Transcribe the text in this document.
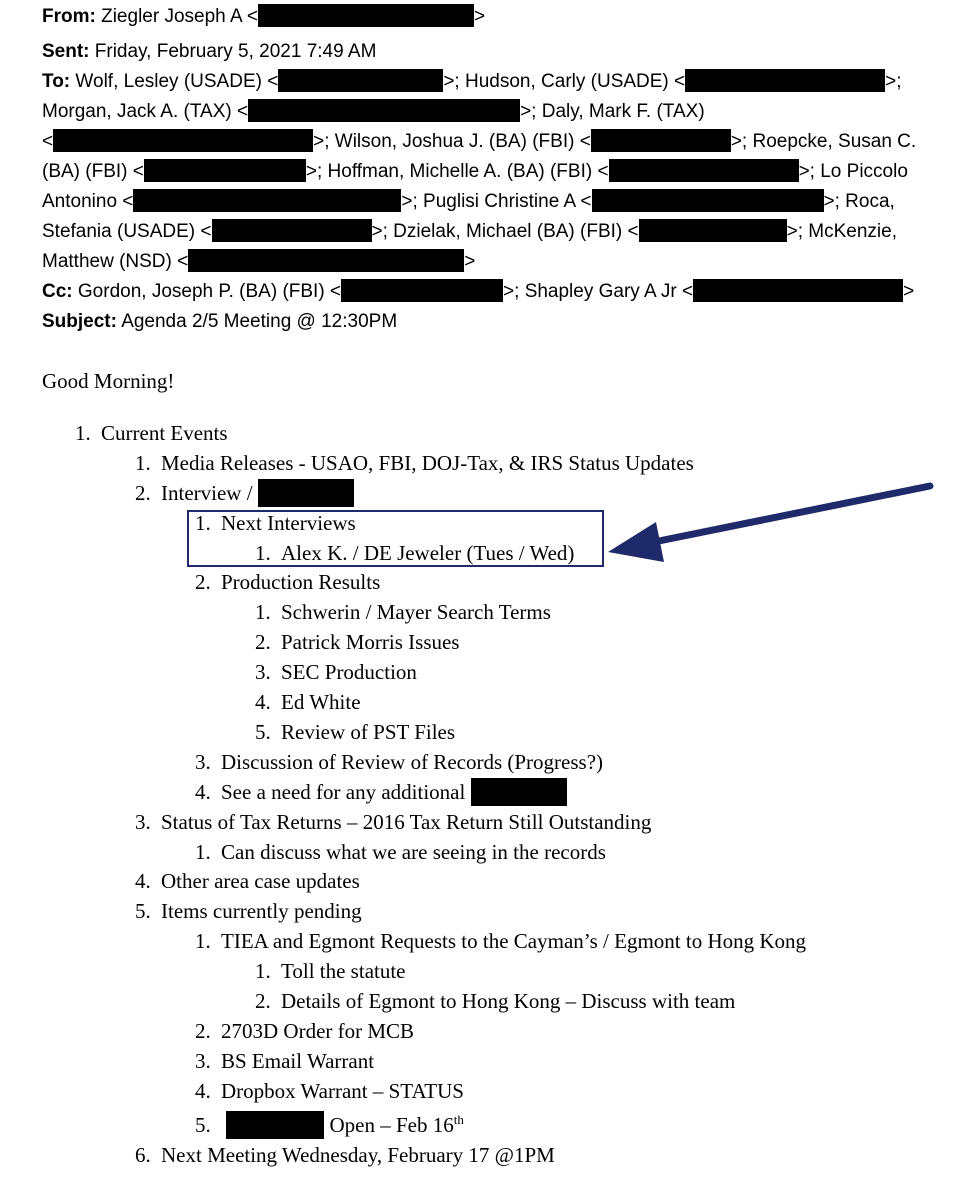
From: Ziegler Joseph A <	>
Sent: Friday, February 5, 2021 7:49 AM
To: Wolf, Lesley (USADE) <	>; Hudson, Carly (USADE) <	>;
Morgan, Jack A. (TAX) <	>; Daly, Mark F. (TAX)
<	>; Wilson, Joshua J. (BA) (FBI) <	>; Roepcke, Susan C.
(BA) (FBI) <	>; Hoffman, Michelle A. (BA) (FBI) <	>; Lo Piccolo
Antonino <	>; Puglisi Christine A <	>; Roca,
Stefania (USADE) <	>; Dzielak, Michael (BA) (FBI) <	>; McKenzie,
Matthew (NSD) <	>
Cc: Gordon, Joseph P. (BA) (FBI) <	>; Shapley Gary A Jr <	>
Subject: Agenda 2/5 Meeting @ 12:30PM
Good Morning!
1. Current Events
1. Media Releases - USAO, FBI, DOJ-Tax, & IRS Status Updates
2. Interview /
1. Next Interviews
1. Alex K. / DE Jeweler (Tues / Wed)
2. Production Results
1. Schwerin / Mayer Search Terms
2. Patrick Morris Issues
3. SEC Production
4. Ed White
5. Review of PST Files
3. Discussion of Review of Records (Progress?)
4. See a need for any additional
3. Status of Tax Returns – 2016 Tax Return Still Outstanding
1. Can discuss what we are seeing in the records
4. Other area case updates
5. Items currently pending
1. TIEA and Egmont Requests to the Cayman’s / Egmont to Hong Kong
1. Toll the statute
2. Details of Egmont to Hong Kong – Discuss with team
2. 2703D Order for MCB
3. BS Email Warrant
4. Dropbox Warrant – STATUS
5.	Open – Feb 16th
6. Next Meeting Wednesday, February 17 @1PM
